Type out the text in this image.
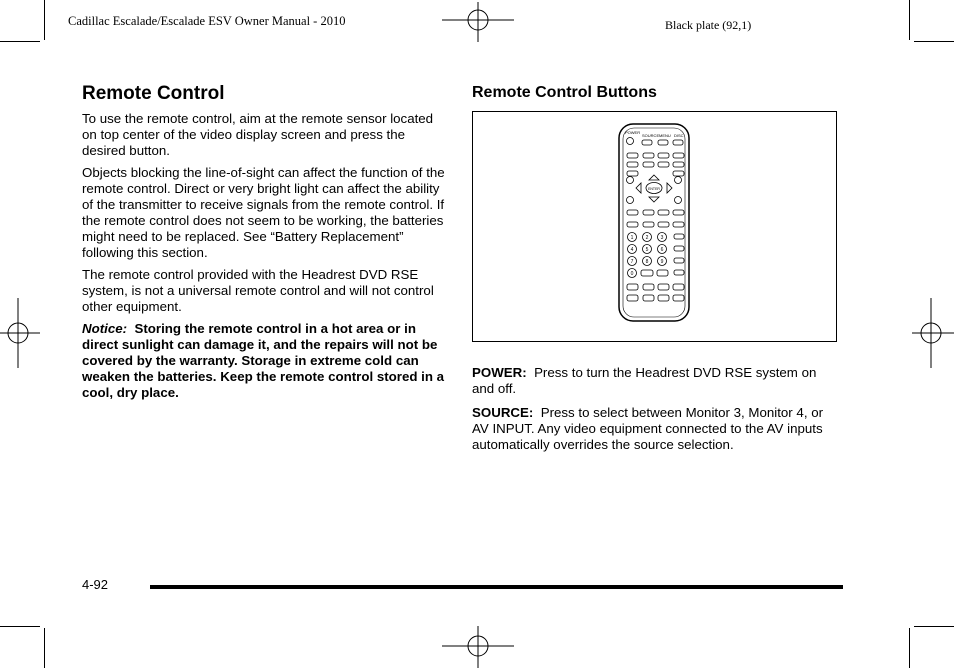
Cadillac Escalade/Escalade ESV Owner Manual - 2010	Black plate (92,1)
Remote Control

To use the remote control, aim at the remote sensor located on top center of the video display screen and press the desired button.

Objects blocking the line-of-sight can affect the function of the remote control. Direct or very bright light can affect the ability of the transmitter to receive signals from the remote control. If the remote control does not seem to be working, the batteries might need to be replaced. See “Battery Replacement” following this section.

The remote control provided with the Headrest DVD RSE system, is not a universal remote control and will not control other equipment.

Notice: Storing the remote control in a hot area or in direct sunlight can damage it, and the repairs will not be covered by the warranty. Storage in extreme cold can weaken the batteries. Keep the remote control stored in a cool, dry place.

Remote Control Buttons
POWER
SOURCE MENU DISC
ENTER
1 2 3
4 5 6
7 8 9
0

POWER: Press to turn the Headrest DVD RSE system on and off.

SOURCE: Press to select between Monitor 3, Monitor 4, or AV INPUT. Any video equipment connected to the AV inputs automatically overrides the source selection.

4-92
